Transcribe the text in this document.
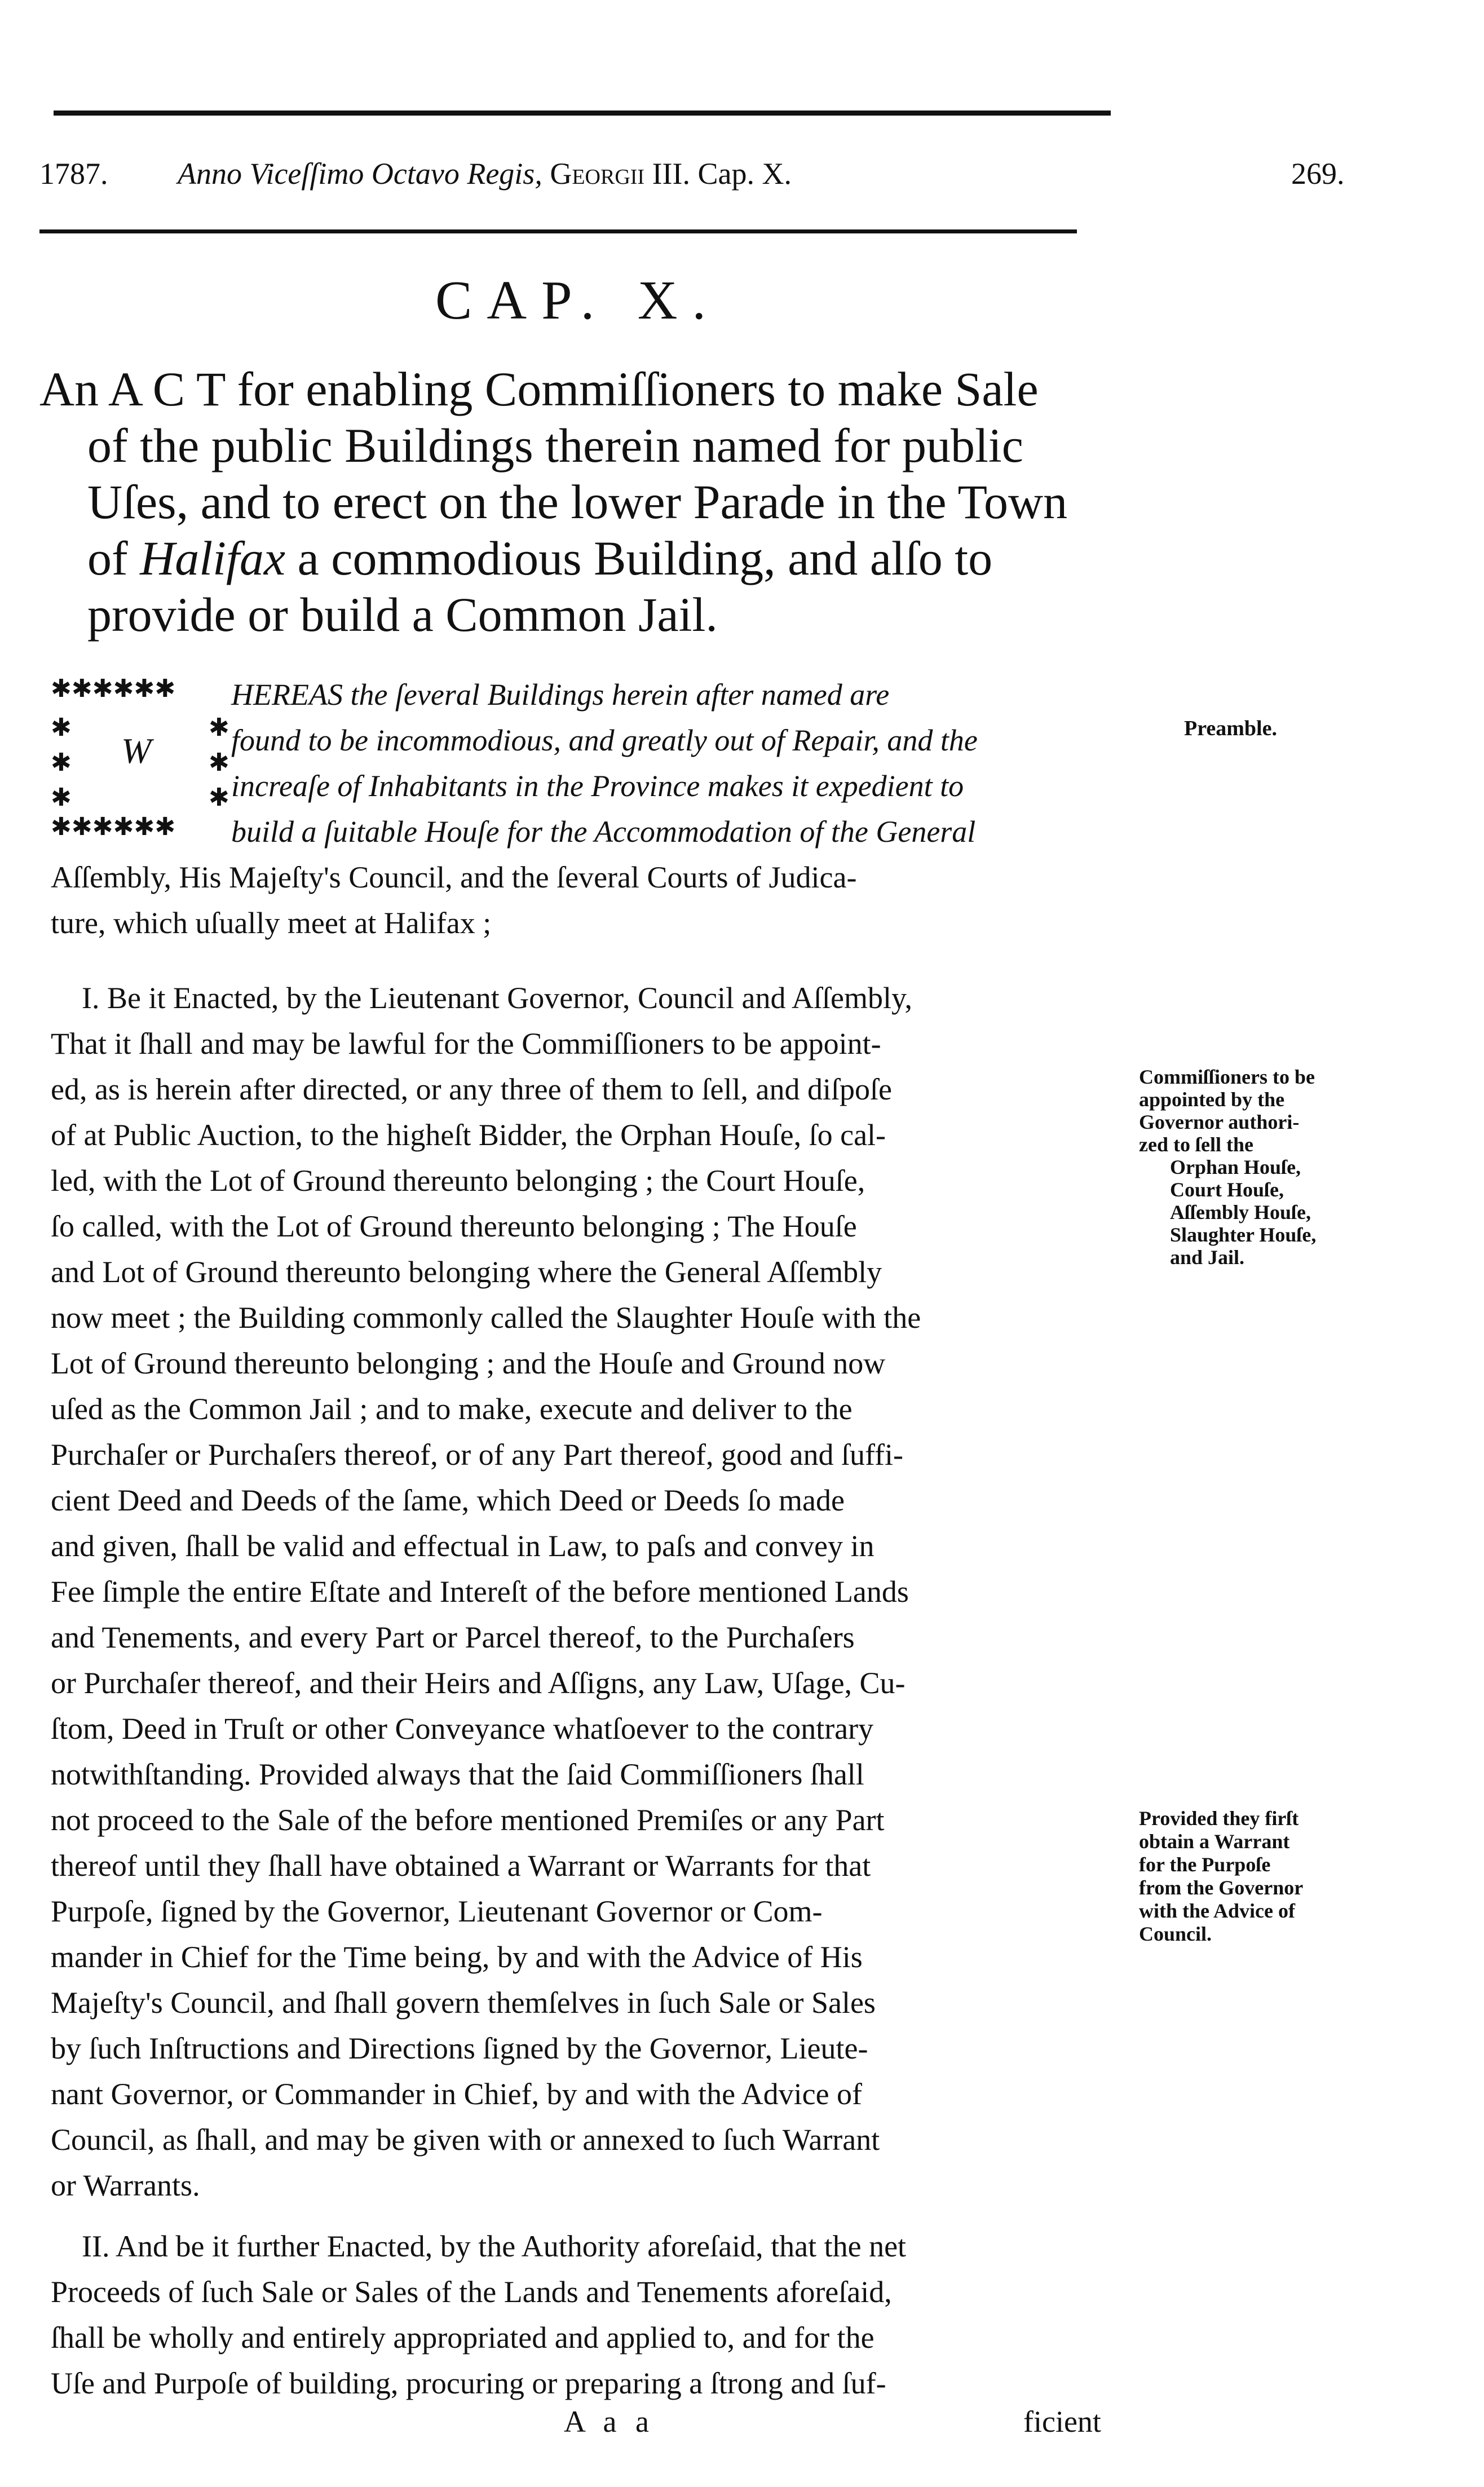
1787. Anno Viceſſimo Octavo Regis, Georgii III. Cap. X.	269.
CAP. X.
An A C T for enabling Commiſſioners to make Sale
of the public Buildings therein named for public
Uſes, and to erect on the lower Parade in the Town
of Halifax a commodious Building, and alſo to
provide or build a Common Jail.
✱✱✱✱✱✱
✱
✱
✱
✱
✱
✱
✱✱✱✱✱✱
W
HEREAS the ſeveral Buildings herein after named are
found to be incommodious, and greatly out of Repair, and the
increaſe of Inhabitants in the Province makes it expedient to
build a ſuitable Houſe for the Accommodation of the General
Aſſembly, His Majeſty's Council, and the ſeveral Courts of Judica-
ture, which uſually meet at Halifax ;
I. Be it Enacted, by the Lieutenant Governor, Council and Aſſembly,
That it ſhall and may be lawful for the Commiſſioners to be appoint-
ed, as is herein after directed, or any three of them to ſell, and diſpoſe
of at Public Auction, to the higheſt Bidder, the Orphan Houſe, ſo cal-
led, with the Lot of Ground thereunto belonging ; the Court Houſe,
ſo called, with the Lot of Ground thereunto belonging ; The Houſe
and Lot of Ground thereunto belonging where the General Aſſembly
now meet ; the Building commonly called the Slaughter Houſe with the
Lot of Ground thereunto belonging ; and the Houſe and Ground now
uſed as the Common Jail ; and to make, execute and deliver to the
Purchaſer or Purchaſers thereof, or of any Part thereof, good and ſuffi-
cient Deed and Deeds of the ſame, which Deed or Deeds ſo made
and given, ſhall be valid and effectual in Law, to paſs and convey in
Fee ſimple the entire Eſtate and Intereſt of the before mentioned Lands
and Tenements, and every Part or Parcel thereof, to the Purchaſers
or Purchaſer thereof, and their Heirs and Aſſigns, any Law, Uſage, Cu-
ſtom, Deed in Truſt or other Conveyance whatſoever to the contrary
notwithſtanding. Provided always that the ſaid Commiſſioners ſhall
not proceed to the Sale of the before mentioned Premiſes or any Part
thereof until they ſhall have obtained a Warrant or Warrants for that
Purpoſe, ſigned by the Governor, Lieutenant Governor or Com-
mander in Chief for the Time being, by and with the Advice of His
Majeſty's Council, and ſhall govern themſelves in ſuch Sale or Sales
by ſuch Inſtructions and Directions ſigned by the Governor, Lieute-
nant Governor, or Commander in Chief, by and with the Advice of
Council, as ſhall, and may be given with or annexed to ſuch Warrant
or Warrants.
II. And be it further Enacted, by the Authority aforeſaid, that the net
Proceeds of ſuch Sale or Sales of the Lands and Tenements aforeſaid,
ſhall be wholly and entirely appropriated and applied to, and for the
Uſe and Purpoſe of building, procuring or preparing a ſtrong and ſuf-
Preamble.
Commiſſioners to be
appointed by the
Governor authori-
zed to ſell the
Orphan Houſe,
Court Houſe,
Aſſembly Houſe,
Slaughter Houſe,
and Jail.
Provided they firſt
obtain a Warrant
for the Purpoſe
from the Governor
with the Advice of
Council.
A a a	ficient
